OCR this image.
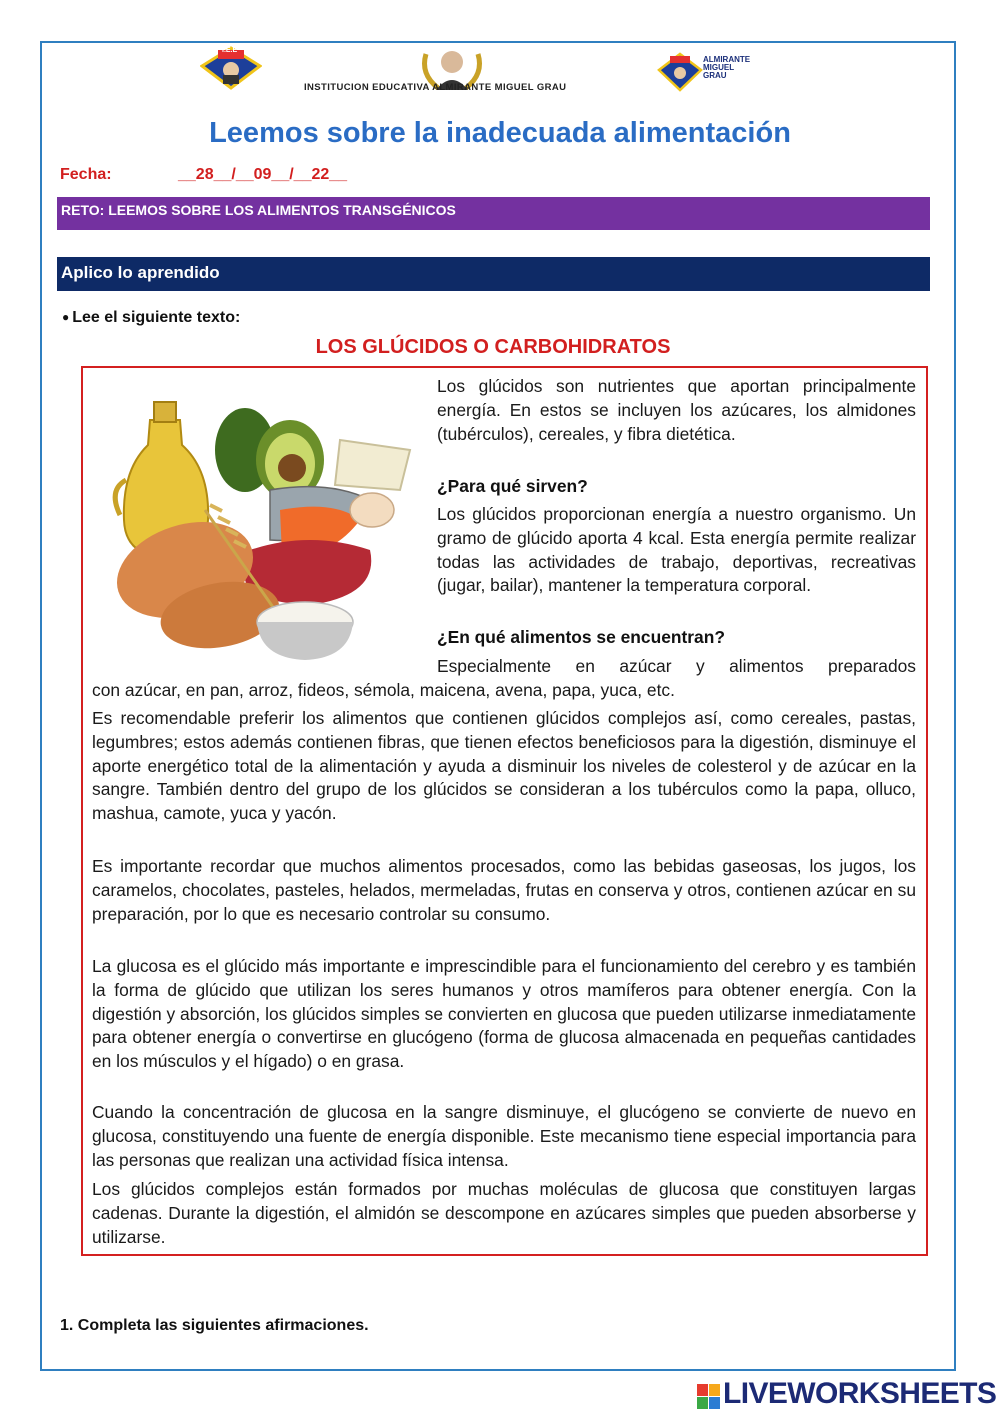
I.E.E
INSTITUCION EDUCATIVA ALMIRANTE MIGUEL GRAU
ALMIRANTE
MIGUEL
GRAU
Leemos sobre la inadecuada alimentación
Fecha:	__28__/__09__/__22__
RETO: LEEMOS SOBRE LOS ALIMENTOS TRANSGÉNICOS
Aplico lo aprendido
● Lee el siguiente texto:
LOS GLÚCIDOS O CARBOHIDRATOS
Los glúcidos son nutrientes que aportan principalmente energía. En estos se incluyen los azúcares, los almidones (tubérculos), cereales, y fibra dietética.
¿Para qué sirven?
Los glúcidos proporcionan energía a nuestro organismo. Un gramo de glúcido aporta 4 kcal. Esta energía permite realizar todas las actividades de trabajo, deportivas, recreativas (jugar, bailar), mantener la temperatura corporal.
¿En qué alimentos se encuentran?
Especialmente en azúcar y alimentos preparados
con azúcar, en pan, arroz, fideos, sémola, maicena, avena, papa, yuca, etc.
Es recomendable preferir los alimentos que contienen glúcidos complejos así, como cereales, pastas, legumbres; estos además contienen fibras, que tienen efectos beneficiosos para la digestión, disminuye el aporte energético total de la alimentación y ayuda a disminuir los niveles de colesterol y de azúcar en la sangre. También dentro del grupo de los glúcidos se consideran a los tubérculos como la papa, olluco, mashua, camote, yuca y yacón.
Es importante recordar que muchos alimentos procesados, como las bebidas gaseosas, los jugos, los caramelos, chocolates, pasteles, helados, mermeladas, frutas en conserva y otros, contienen azúcar en su preparación, por lo que es necesario controlar su consumo.
La glucosa es el glúcido más importante e imprescindible para el funcionamiento del cerebro y es también la forma de glúcido que utilizan los seres humanos y otros mamíferos para obtener energía. Con la digestión y absorción, los glúcidos simples se convierten en glucosa que pueden utilizarse inmediatamente para obtener energía o convertirse en glucógeno (forma de glucosa almacenada en pequeñas cantidades en los músculos y el hígado) o en grasa.
Cuando la concentración de glucosa en la sangre disminuye, el glucógeno se convierte de nuevo en glucosa, constituyendo una fuente de energía disponible. Este mecanismo tiene especial importancia para las personas que realizan una actividad física intensa.
Los glúcidos complejos están formados por muchas moléculas de glucosa que constituyen largas cadenas. Durante la digestión, el almidón se descompone en azúcares simples que pueden absorberse y utilizarse.
1. Completa las siguientes afirmaciones.
LIVEWORKSHEETS
